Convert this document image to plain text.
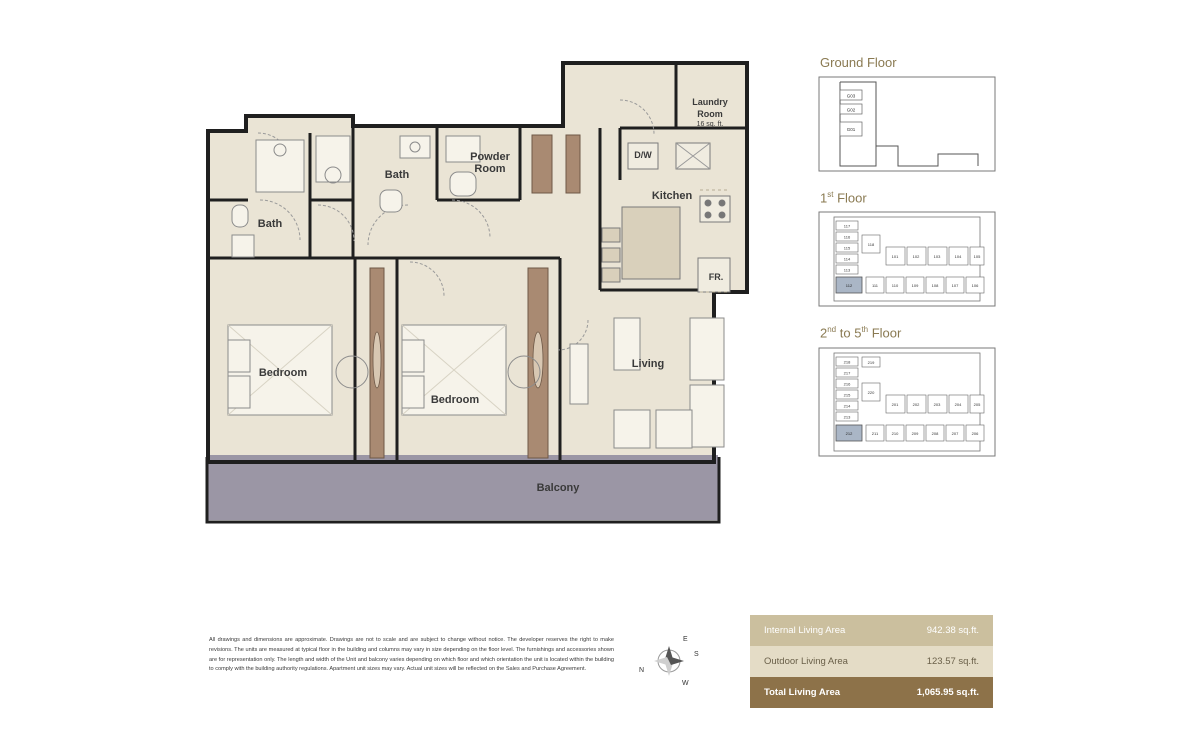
Bath
Bath
Powder
Room
Laundry
Room
16 sq. ft.
Kitchen
D/W
FR.
Bedroom
Bedroom
Living
Balcony
Ground Floor
G03
G02
G01
1st Floor
117
116
115
114
113
112
118
101	102	103	104	105
111	110	109	108	107	106
2nd to 5th Floor
218
217
216
215
214
213
212
219
220
201	202	203	204	205
211	210	209	208	207	206
All drawings and dimensions are approximate. Drawings are not to scale and are subject to change without notice. The developer reserves the right to make revisions. The units are measured at typical floor in the building and columns may vary in size depending on the floor level. The furnishings and accessories shown are for representation only. The length and width of the Unit and balcony varies depending on which floor and which orientation the unit is located within the building to comply with the building authority regulations. Apartment unit sizes may vary. Actual unit sizes will be reflected on the Sales and Purchase Agreement.
E
S
N
W
Internal Living Area	942.38 sq.ft.
Outdoor Living Area	123.57 sq.ft.
Total Living Area	1,065.95 sq.ft.
